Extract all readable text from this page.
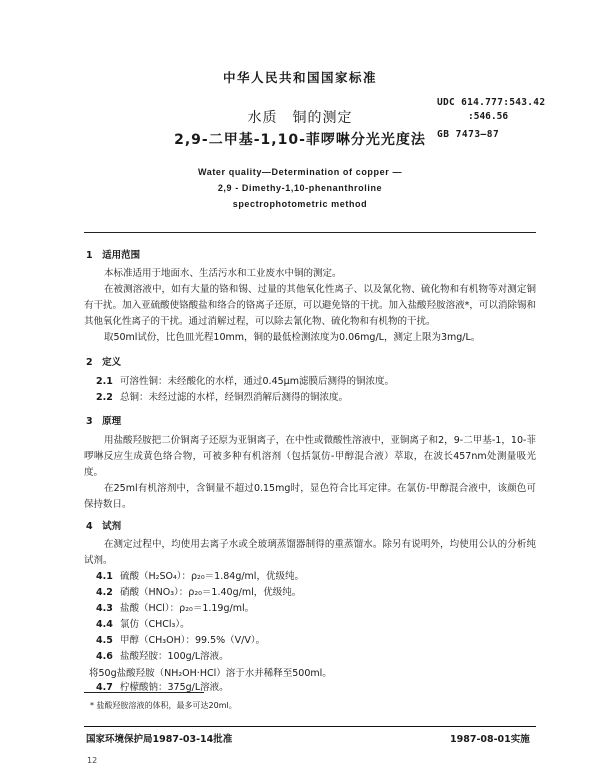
中华人民共和国国家标准
UDC 614.777:543.42
:546.56
GB 7473—87
水质　铜的测定
2,9-二甲基-1,10-菲啰啉分光光度法
Water quality—Determination of copper —
2,9 - Dimethy-1,10-phenanthroline
spectrophotometric method
1　适用范围
本标准适用于地面水、生活污水和工业废水中铜的测定。
在被测溶液中，如有大量的铬和锡、过量的其他氧化性离子、以及氰化物、硫化物和有机物等对测定铜有干扰。加入亚硫酸使铬酸盐和络合的铬离子还原，可以避免铬的干扰。加入盐酸羟胺溶液*，可以消除锡和其他氧化性离子的干扰。通过消解过程，可以除去氰化物、硫化物和有机物的干扰。
取50ml试份，比色皿光程10mm，铜的最低检测浓度为0.06mg/L，测定上限为3mg/L。
2　定义
2.1 可溶性铜：未经酸化的水样，通过0.45μm滤膜后测得的铜浓度。
2.2 总铜：未经过滤的水样，经铜烈消解后测得的铜浓度。
3　原理
用盐酸羟胺把二价铜离子还原为亚铜离子，在中性或微酸性溶液中，亚铜离子和2，9-二甲基-1，10-菲啰啉反应生成黄色络合物，可被多种有机溶剂（包括氯仿-甲醇混合液）萃取，在波长457nm处测量吸光度。
在25ml有机溶剂中，含铜量不超过0.15mg时，显色符合比耳定律。在氯仿-甲醇混合液中，该颜色可保持数日。
4　试剂
在测定过程中，均使用去离子水或全玻璃蒸馏器制得的重蒸馏水。除另有说明外，均使用公认的分析纯试剂。
4.1 硫酸（H₂SO₄）：ρ₂₀＝1.84g/ml，优级纯。
4.2 硝酸（HNO₃）：ρ₂₀＝1.40g/ml，优级纯。
4.3 盐酸（HCl）：ρ₂₀＝1.19g/ml。
4.4 氯仿（CHCl₃）。
4.5 甲醇（CH₃OH）：99.5%（V/V）。
4.6 盐酸羟胺：100g/L溶液。
将50g盐酸羟胺（NH₂OH·HCl）溶于水并稀释至500ml。
4.7 柠檬酸钠：375g/L溶液。
* 盐酸羟胺溶液的体积，最多可达20ml。
国家环境保护局1987-03-14批准	1987-08-01实施
12
